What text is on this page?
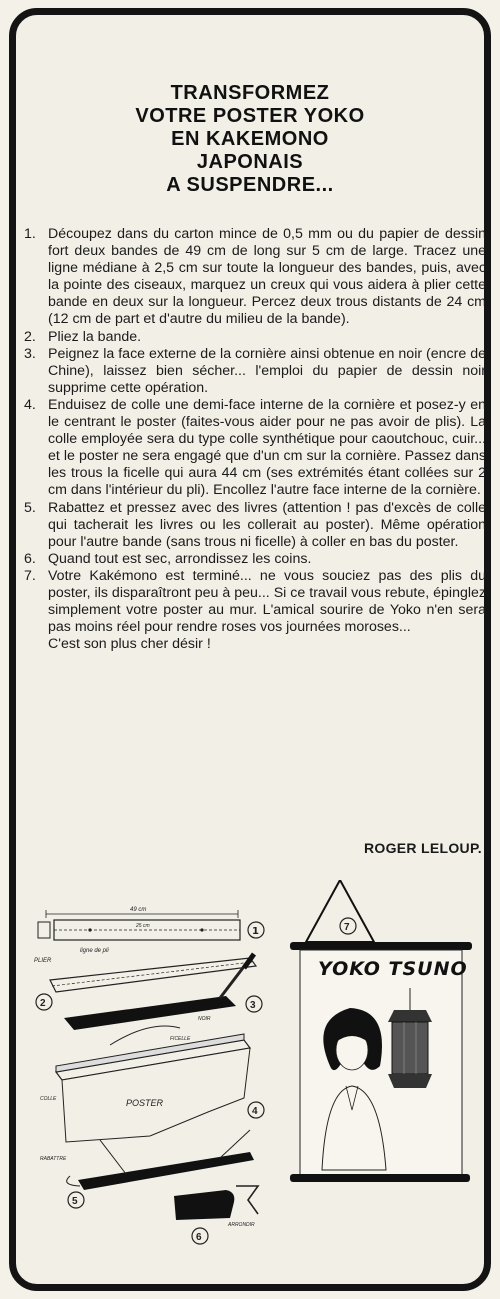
TRANSFORMEZ
VOTRE POSTER YOKO
EN KAKEMONO
JAPONAIS
A SUSPENDRE...
1. Découpez dans du carton mince de 0,5 mm ou du papier de dessin fort deux bandes de 49 cm de long sur 5 cm de large. Tracez une ligne médiane à 2,5 cm sur toute la longueur des bandes, puis, avec la pointe des ciseaux, marquez un creux qui vous aidera à plier cette bande en deux sur la longueur. Percez deux trous distants de 24 cm (12 cm de part et d'autre du milieu de la bande).
2. Pliez la bande.
3. Peignez la face externe de la cornière ainsi obtenue en noir (encre de Chine), laissez bien sécher... l'emploi du papier de dessin noir supprime cette opération.
4. Enduisez de colle une demi-face interne de la cornière et posez-y en le centrant le poster (faites-vous aider pour ne pas avoir de plis). La colle employée sera du type colle synthétique pour caoutchouc, cuir... et le poster ne sera engagé que d'un cm sur la cornière. Passez dans les trous la ficelle qui aura 44 cm (ses extrémités étant collées sur 2 cm dans l'intérieur du pli). Encollez l'autre face interne de la cornière.
5. Rabattez et pressez avec des livres (attention ! pas d'excès de colle qui tacherait les livres ou les collerait au poster). Même opération pour l'autre bande (sans trous ni ficelle) à coller en bas du poster.
6. Quand tout est sec, arrondissez les coins.
7. Votre Kakémono est terminé... ne vous souciez pas des plis du poster, ils disparaîtront peu à peu... Si ce travail vous rebute, épinglez simplement votre poster au mur. L'amical sourire de Yoko n'en sera pas moins réel pour rendre roses vos journées moroses...
C'est son plus cher désir !
ROGER LELOUP.
49 cm
25 cm
ligne de pli
1
PLIER
2
NOIR
3
FICELLE
POSTER
COLLE
4
RABATTRE
5
ARRONDIR
6
7
YOKO TSUNO
